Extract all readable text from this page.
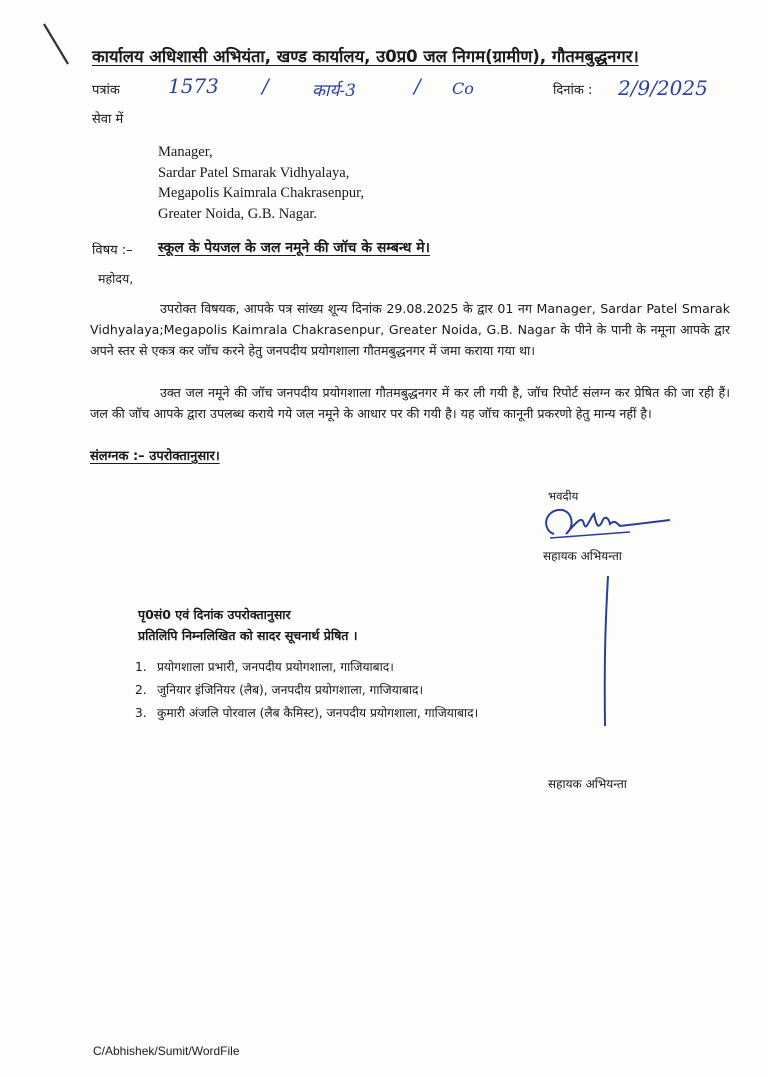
कार्यालय अधिशासी अभियंता, खण्ड कार्यालय, उ0प्र0 जल निगम(ग्रामीण), गौतमबुद्धनगर।
पत्रांक 1573 /	कार्य-3	/ Co	दिनांक : 2/9/2025
सेवा में
Manager,
Sardar Patel Smarak Vidhyalaya,
Megapolis Kaimrala Chakrasenpur,
Greater Noida, G.B. Nagar.
विषय :– स्कूल के पेयजल के जल नमूने की जॉच के सम्बन्ध मे।
महोदय,
उपरोक्त विषयक, आपके पत्र सांख्य शून्य दिनांक 29.08.2025 के द्वार 01 नग Manager, Sardar Patel Smarak Vidhyalaya;Megapolis Kaimrala Chakrasenpur, Greater Noida, G.B. Nagar के पीने के पानी के नमूना आपके द्वार अपने स्तर से एकत्र कर जॉच करने हेतु जनपदीय प्रयोगशाला गौतमबुद्धनगर में जमा कराया गया था।
उक्त जल नमूने की जॉच जनपदीय प्रयोगशाला गौतमबुद्धनगर में कर ली गयी है, जॉच रिपोर्ट संलग्न कर प्रेषित की जा रही हैं। जल की जॉच आपके द्वारा उपलब्ध कराये गये जल नमूने के आधार पर की गयी है। यह जॉच कानूनी प्रकरणो हेतु मान्य नहीं है।
संलग्नक :– उपरोक्तानुसार।
भवदीय
सहायक अभियन्ता
पृ0सं0 एवं दिनांक उपरोक्तानुसार
प्रतिलिपि निम्नलिखित को सादर सूचनार्थ प्रेषित ।
1. प्रयोगशाला प्रभारी, जनपदीय प्रयोगशाला, गाजियाबाद।
2. जुनियार इंजिनियर (लैब), जनपदीय प्रयोगशाला, गाजियाबाद।
3. कुमारी अंजलि पोरवाल (लैब कैमिस्ट), जनपदीय प्रयोगशाला, गाजियाबाद।
सहायक अभियन्ता
C/Abhishek/Sumit/WordFile
